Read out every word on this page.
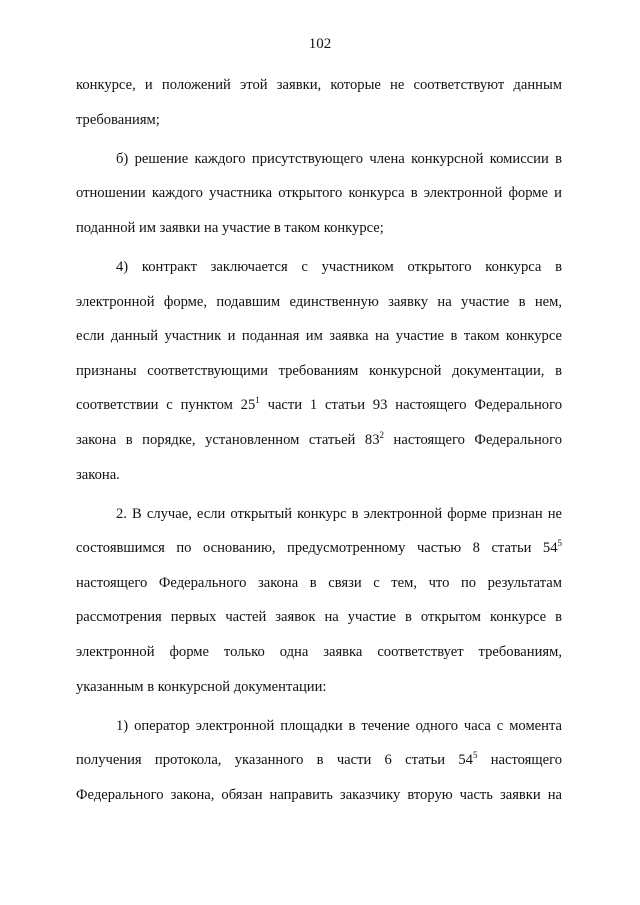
102
конкурсе, и положений этой заявки, которые не соответствуют данным
требованиям;
б) решение каждого присутствующего члена конкурсной комиссии в
отношении каждого участника открытого конкурса в электронной форме и
поданной им заявки на участие в таком конкурсе;
4) контракт заключается с участником открытого конкурса в
электронной форме, подавшим единственную заявку на участие в нем,
если данный участник и поданная им заявка на участие в таком конкурсе
признаны соответствующими требованиям конкурсной документации, в
соответствии с пунктом $25^1$ части 1 статьи 93 настоящего Федерального
закона в порядке, установленном статьей $83^2$ настоящего Федерального
закона.
2. В случае, если открытый конкурс в электронной форме признан не
состоявшимся по основанию, предусмотренному частью 8 статьи $54^5$
настоящего Федерального закона в связи с тем, что по результатам
рассмотрения первых частей заявок на участие в открытом конкурсе в
электронной форме только одна заявка соответствует требованиям,
указанным в конкурсной документации:
1) оператор электронной площадки в течение одного часа с момента
получения протокола, указанного в части 6 статьи $54^5$ настоящего
Федерального закона, обязан направить заказчику вторую часть заявки на
